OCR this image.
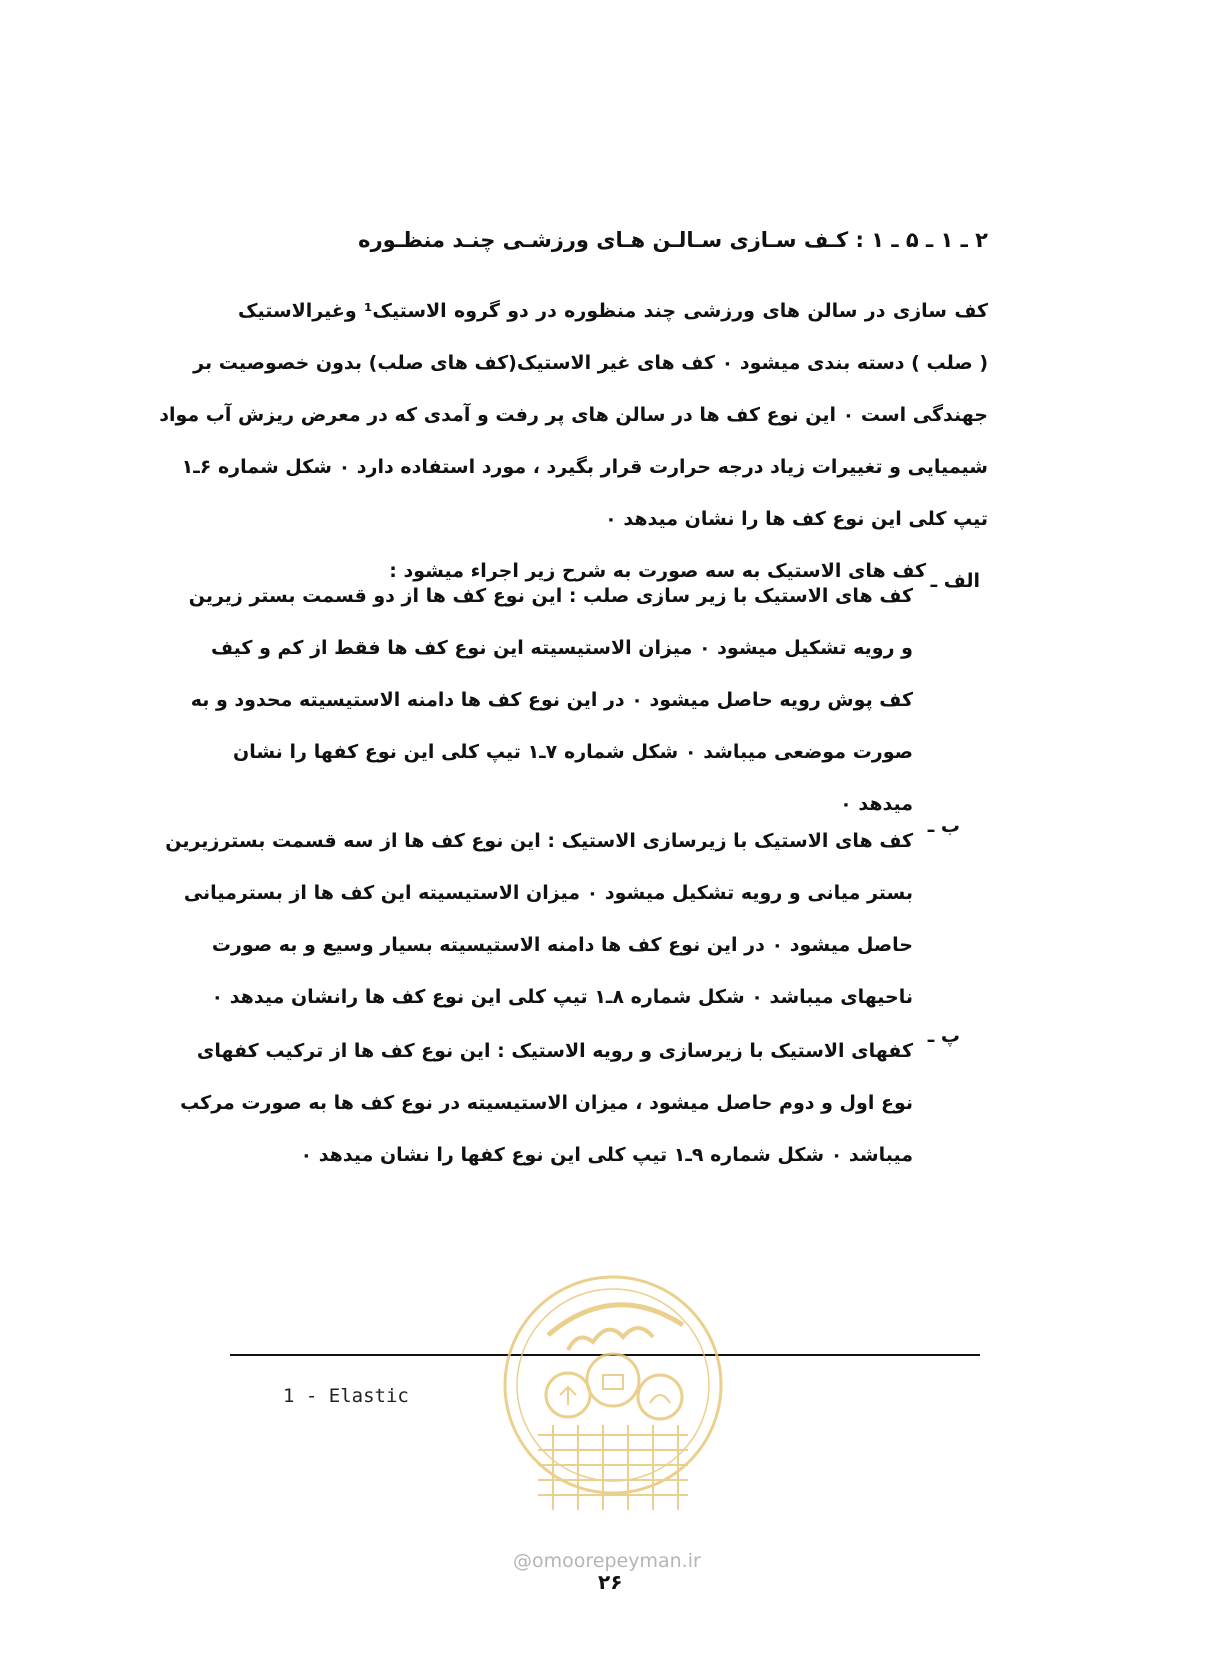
۲ ـ ۱ ـ ۵ ـ ۱ : کـف سـازی سـالـن هـای ورزشـی چنـد منظـوره
کف سازی در سالن های ورزشی چند منظوره در دو گروه الاستیک¹ وغیرالاستیک
( صلب ) دسته بندی میشود ۰ کف های غیر الاستیک(کف های صلب) بدون خصوصیت بر
جهندگی است ۰ این نوع کف ها در سالن های پر رفت و آمدی که در معرض ریزش آب مواد
شیمیایی و تغییرات زیاد درجه حرارت قرار بگیرد ، مورد استفاده دارد ۰ شکل شماره ۶ـ۱
تیپ کلی این نوع کف ها را نشان میدهد ۰
کف های الاستیک به سه صورت به شرح زیر اجراء میشود : الف ـ
کف های الاستیک با زیر سازی صلب : این نوع کف ها از دو قسمت بستر زیرین
و رویه تشکیل میشود ۰ میزان الاستیسیته این نوع کف ها فقط از کم و کیف
کف پوش رویه حاصل میشود ۰ در این نوع کف ها دامنه الاستیسیته محدود و به
صورت موضعی میباشد ۰ شکل شماره ۷ـ۱ تیپ کلی این نوع کفها را نشان
میدهد ۰
ب ـ
کف های الاستیک با زیرسازی الاستیک : این نوع کف ها از سه قسمت بسترزیرین
بستر میانی و رویه تشکیل میشود ۰ میزان الاستیسیته این کف ها از بسترمیانی
حاصل میشود ۰ در این نوع کف ها دامنه الاستیسیته بسیار وسیع و به صورت
ناحیهای میباشد ۰ شکل شماره ۸ـ۱ تیپ کلی این نوع کف ها رانشان میدهد ۰
پ ـ
کفهای الاستیک با زیرسازی و رویه الاستیک : این نوع کف ها از ترکیب کفهای
نوع اول و دوم حاصل میشود ، میزان الاستیسیته در نوع کف ها به صورت مرکب
میباشد ۰ شکل شماره ۹ـ۱ تیپ کلی این نوع کفها را نشان میدهد ۰
1 - Elastic
@omoorepeyman.ir
۲۶
